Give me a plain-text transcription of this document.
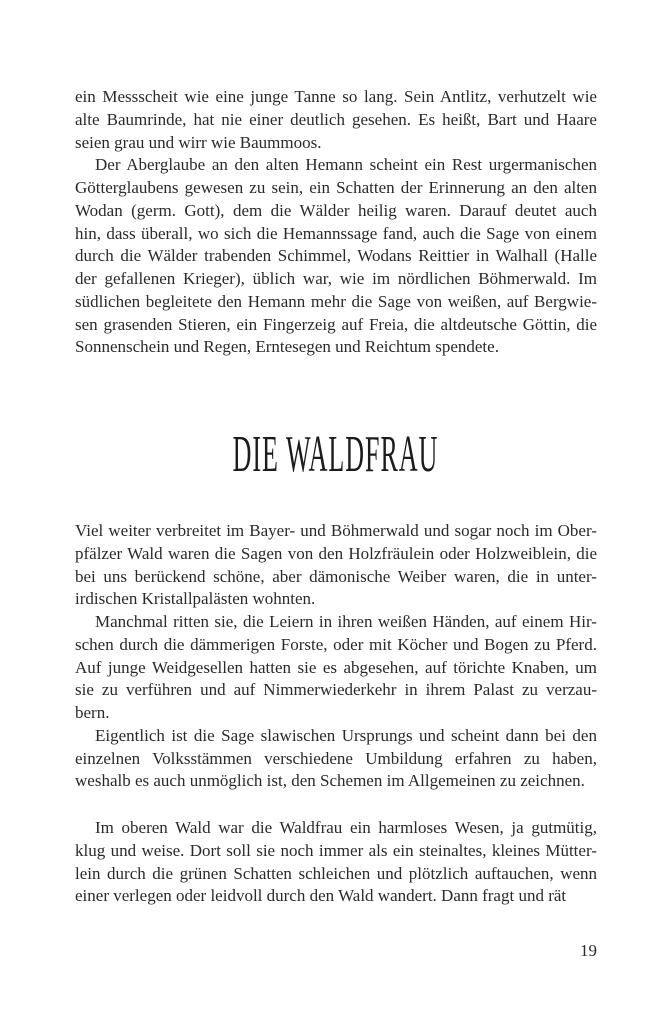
ein Messscheit wie eine junge Tanne so lang. Sein Antlitz, verhutzelt wie
alte Baumrinde, hat nie einer deutlich gesehen. Es heißt, Bart und Haare
seien grau und wirr wie Baummoos.
Der Aberglaube an den alten Hemann scheint ein Rest urgermanischen
Götterglaubens gewesen zu sein, ein Schatten der Erinnerung an den alten
Wodan (germ. Gott), dem die Wälder heilig waren. Darauf deutet auch
hin, dass überall, wo sich die Hemannssage fand, auch die Sage von einem
durch die Wälder trabenden Schimmel, Wodans Reittier in Walhall (Halle
der gefallenen Krieger), üblich war, wie im nördlichen Böhmerwald. Im
südlichen begleitete den Hemann mehr die Sage von weißen, auf Bergwie-
sen grasenden Stieren, ein Fingerzeig auf Freia, die altdeutsche Göttin, die
Sonnenschein und Regen, Erntesegen und Reichtum spendete.
DIE WALDFRAU
Viel weiter verbreitet im Bayer- und Böhmerwald und sogar noch im Ober-
pfälzer Wald waren die Sagen von den Holzfräulein oder Holzweiblein, die
bei uns berückend schöne, aber dämonische Weiber waren, die in unter-
irdischen Kristallpalästen wohnten.
Manchmal ritten sie, die Leiern in ihren weißen Händen, auf einem Hir-
schen durch die dämmerigen Forste, oder mit Köcher und Bogen zu Pferd.
Auf junge Weidgesellen hatten sie es abgesehen, auf törichte Knaben, um
sie zu verführen und auf Nimmerwiederkehr in ihrem Palast zu verzau-
bern.
Eigentlich ist die Sage slawischen Ursprungs und scheint dann bei den
einzelnen Volksstämmen verschiedene Umbildung erfahren zu haben,
weshalb es auch unmöglich ist, den Schemen im Allgemeinen zu zeichnen.
Im oberen Wald war die Waldfrau ein harmloses Wesen, ja gutmütig,
klug und weise. Dort soll sie noch immer als ein steinaltes, kleines Mütter-
lein durch die grünen Schatten schleichen und plötzlich auftauchen, wenn
einer verlegen oder leidvoll durch den Wald wandert. Dann fragt und rät
19
